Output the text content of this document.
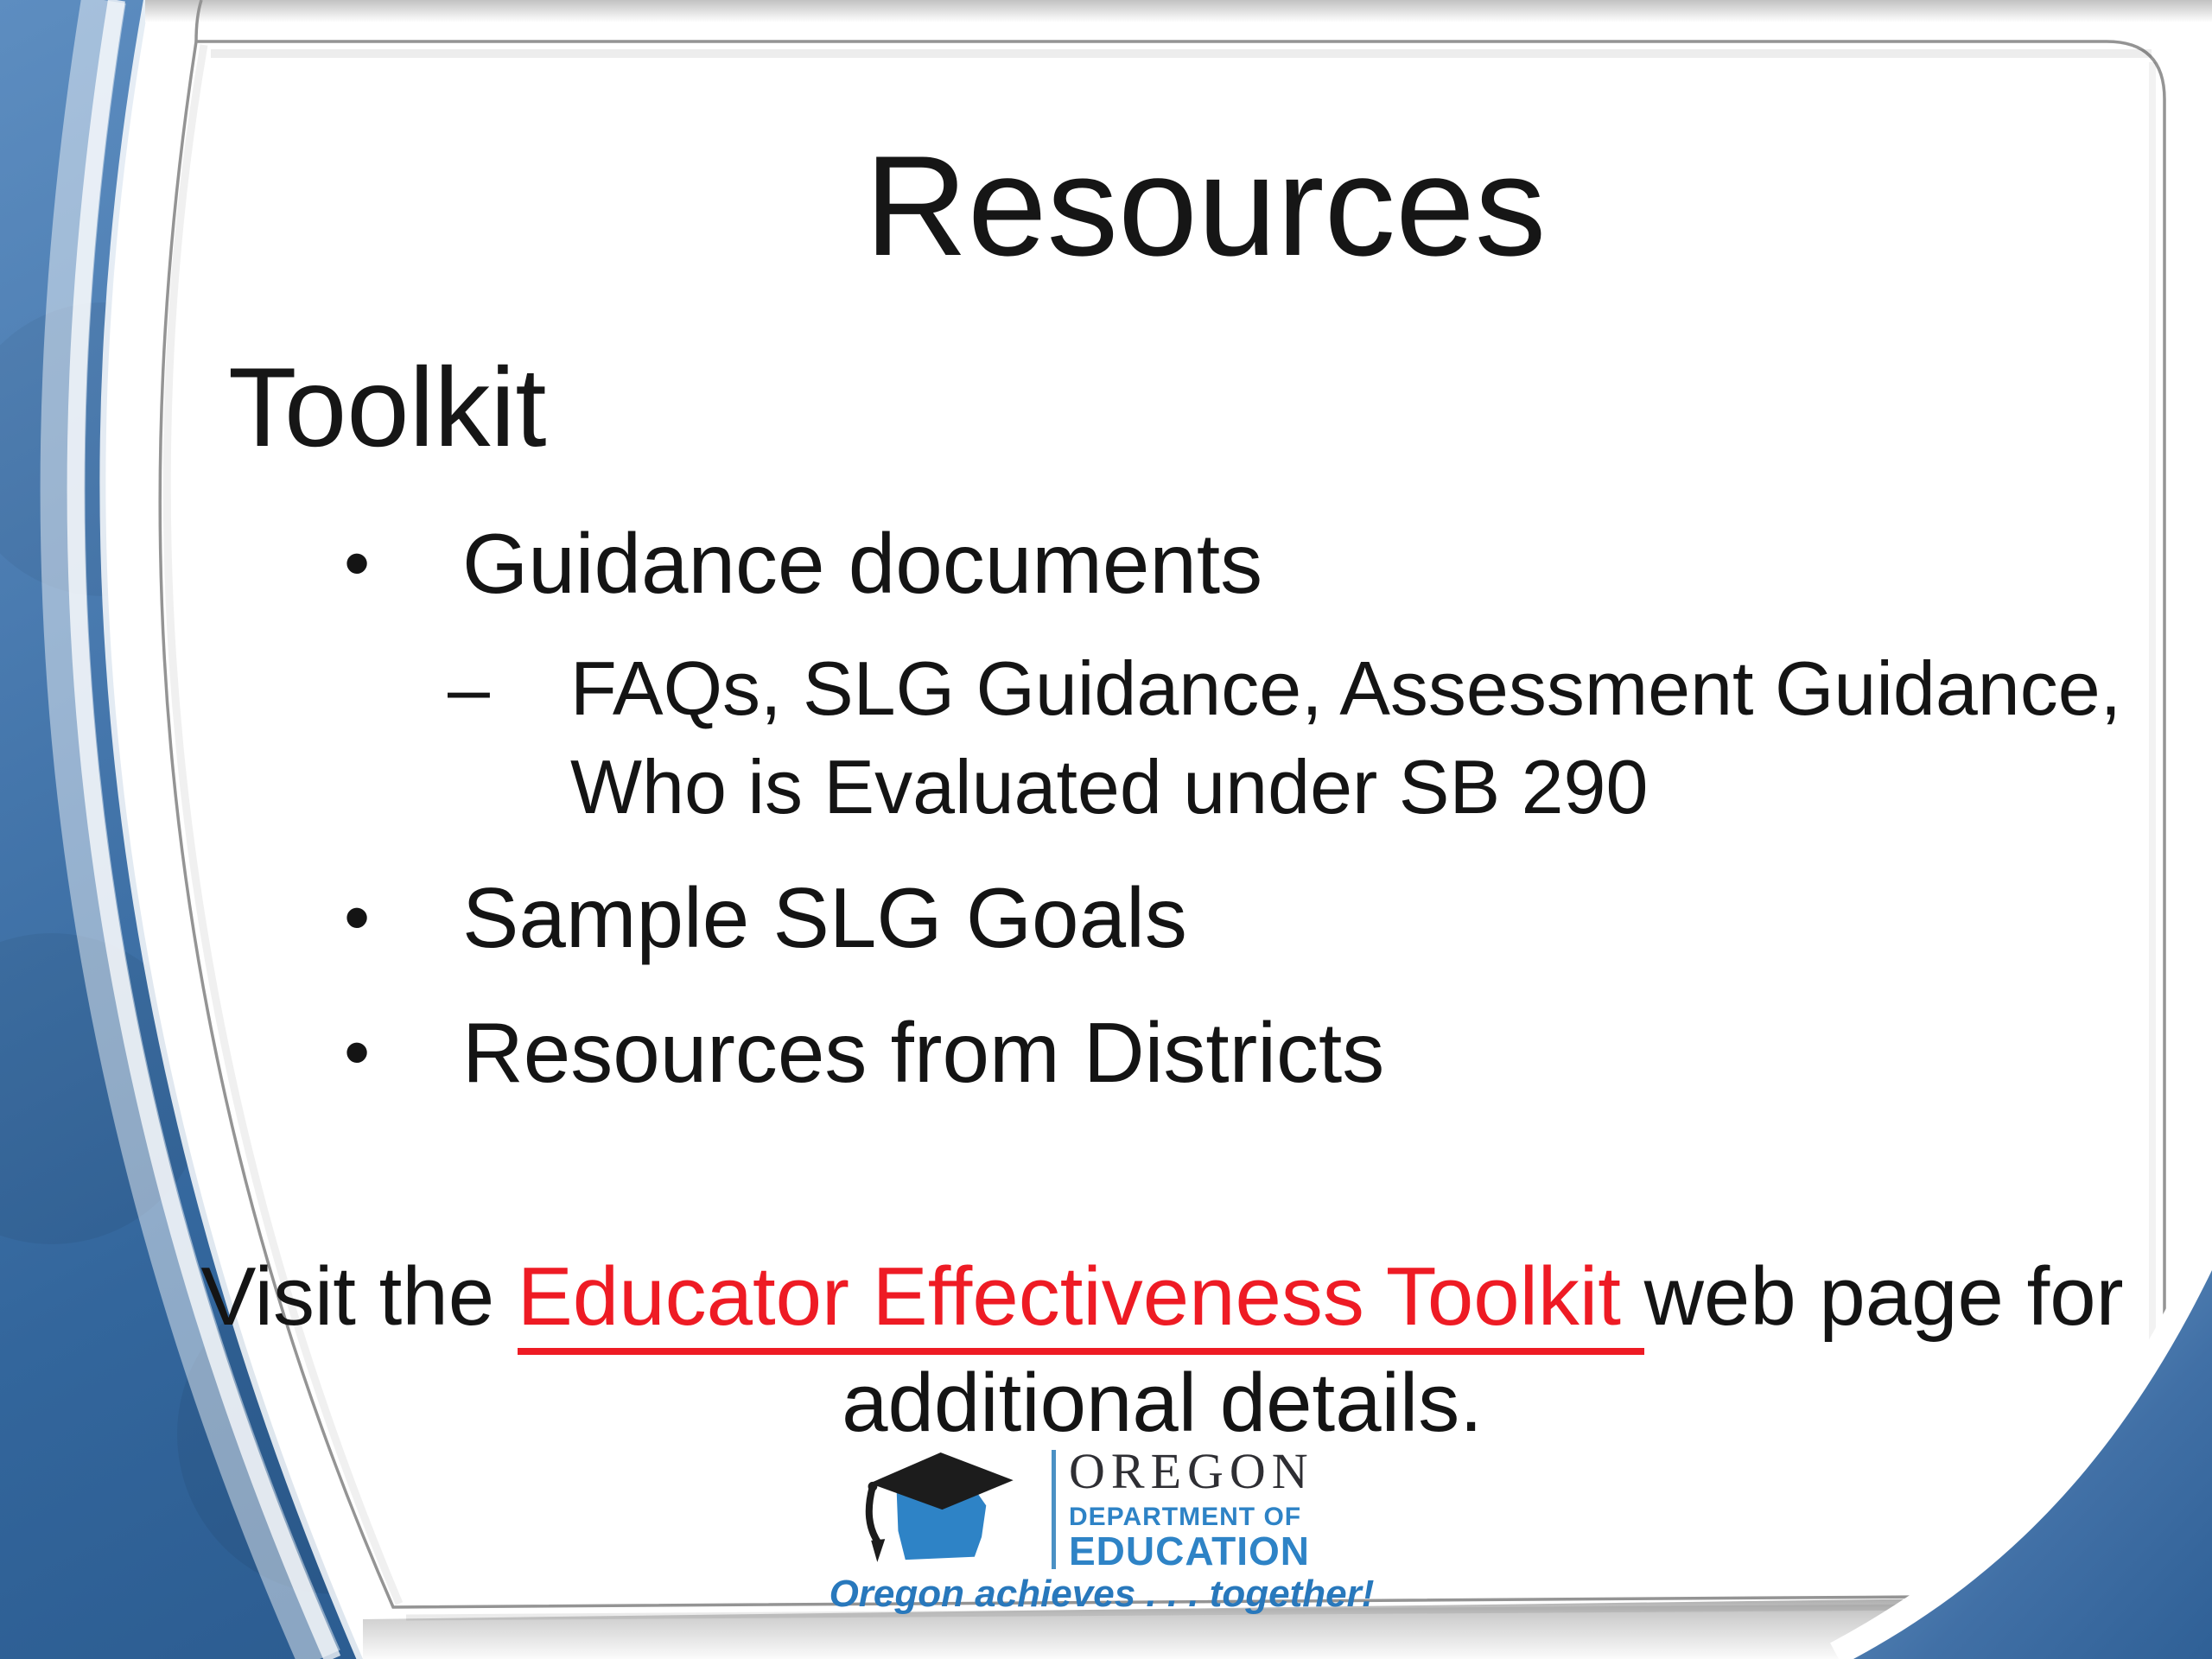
Resources
Toolkit
•	Guidance documents
–	FAQs, SLG Guidance, Assessment Guidance, Who is Evaluated under SB 290
•	Sample SLG Goals
•	Resources from Districts
Visit the Educator Effectiveness Toolkit web page for additional details.
OREGON
DEPARTMENT OF
EDUCATION
Oregon achieves . . . together!
